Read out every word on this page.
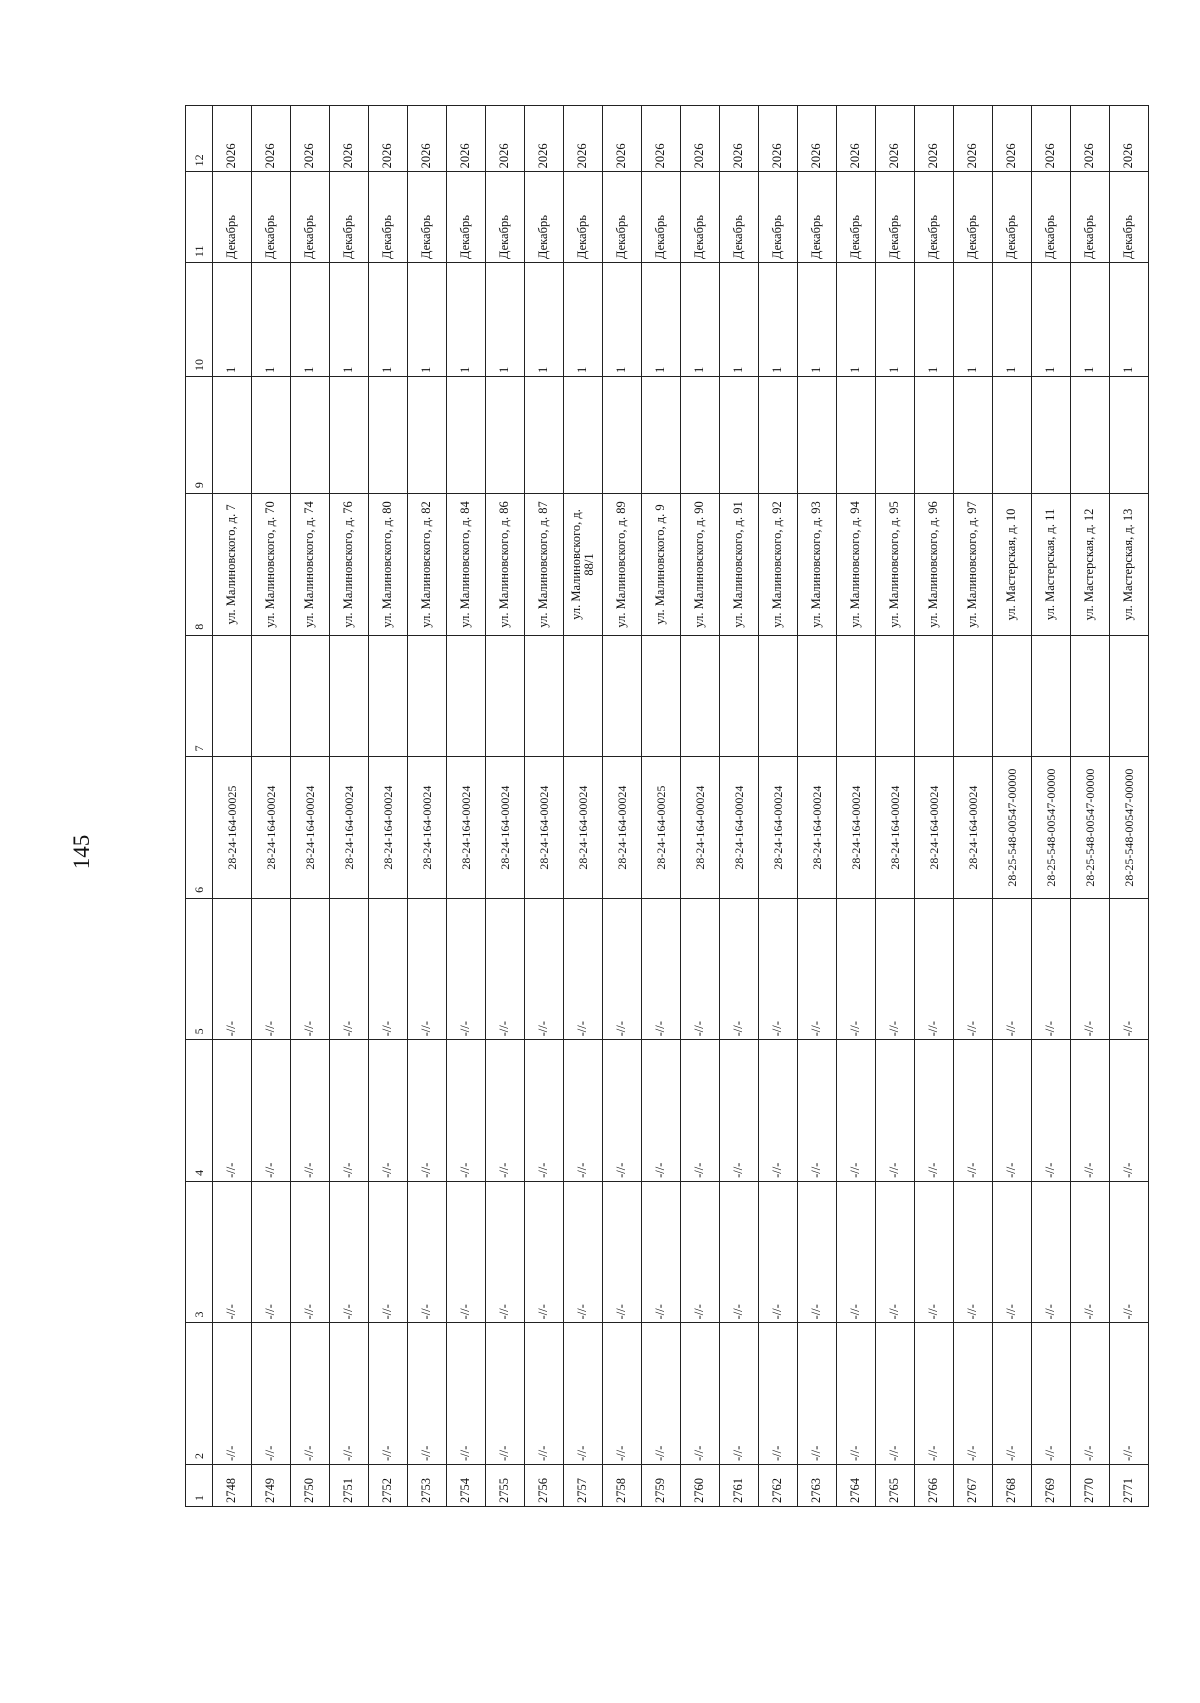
145
1	2	3	4	5	6	7	8	9	10	11	12
2748	-//-	-//-	-//-	-//-	28-24-164-00025		ул. Малиновского, д. 7		1	Декабрь	2026
2749	-//-	-//-	-//-	-//-	28-24-164-00024		ул. Малиновского, д. 70		1	Декабрь	2026
2750	-//-	-//-	-//-	-//-	28-24-164-00024		ул. Малиновского, д. 74		1	Декабрь	2026
2751	-//-	-//-	-//-	-//-	28-24-164-00024		ул. Малиновского, д. 76		1	Декабрь	2026
2752	-//-	-//-	-//-	-//-	28-24-164-00024		ул. Малиновского, д. 80		1	Декабрь	2026
2753	-//-	-//-	-//-	-//-	28-24-164-00024		ул. Малиновского, д. 82		1	Декабрь	2026
2754	-//-	-//-	-//-	-//-	28-24-164-00024		ул. Малиновского, д. 84		1	Декабрь	2026
2755	-//-	-//-	-//-	-//-	28-24-164-00024		ул. Малиновского, д. 86		1	Декабрь	2026
2756	-//-	-//-	-//-	-//-	28-24-164-00024		ул. Малиновского, д. 87		1	Декабрь	2026
2757	-//-	-//-	-//-	-//-	28-24-164-00024		ул. Малиновского, д. 88/1		1	Декабрь	2026
2758	-//-	-//-	-//-	-//-	28-24-164-00024		ул. Малиновского, д. 89		1	Декабрь	2026
2759	-//-	-//-	-//-	-//-	28-24-164-00025		ул. Малиновского, д. 9		1	Декабрь	2026
2760	-//-	-//-	-//-	-//-	28-24-164-00024		ул. Малиновского, д. 90		1	Декабрь	2026
2761	-//-	-//-	-//-	-//-	28-24-164-00024		ул. Малиновского, д. 91		1	Декабрь	2026
2762	-//-	-//-	-//-	-//-	28-24-164-00024		ул. Малиновского, д. 92		1	Декабрь	2026
2763	-//-	-//-	-//-	-//-	28-24-164-00024		ул. Малиновского, д. 93		1	Декабрь	2026
2764	-//-	-//-	-//-	-//-	28-24-164-00024		ул. Малиновского, д. 94		1	Декабрь	2026
2765	-//-	-//-	-//-	-//-	28-24-164-00024		ул. Малиновского, д. 95		1	Декабрь	2026
2766	-//-	-//-	-//-	-//-	28-24-164-00024		ул. Малиновского, д. 96		1	Декабрь	2026
2767	-//-	-//-	-//-	-//-	28-24-164-00024		ул. Малиновского, д. 97		1	Декабрь	2026
2768	-//-	-//-	-//-	-//-	28-25-548-00547-00000		ул. Мастерская, д. 10		1	Декабрь	2026
2769	-//-	-//-	-//-	-//-	28-25-548-00547-00000		ул. Мастерская, д. 11		1	Декабрь	2026
2770	-//-	-//-	-//-	-//-	28-25-548-00547-00000		ул. Мастерская, д. 12		1	Декабрь	2026
2771	-//-	-//-	-//-	-//-	28-25-548-00547-00000		ул. Мастерская, д. 13		1	Декабрь	2026
